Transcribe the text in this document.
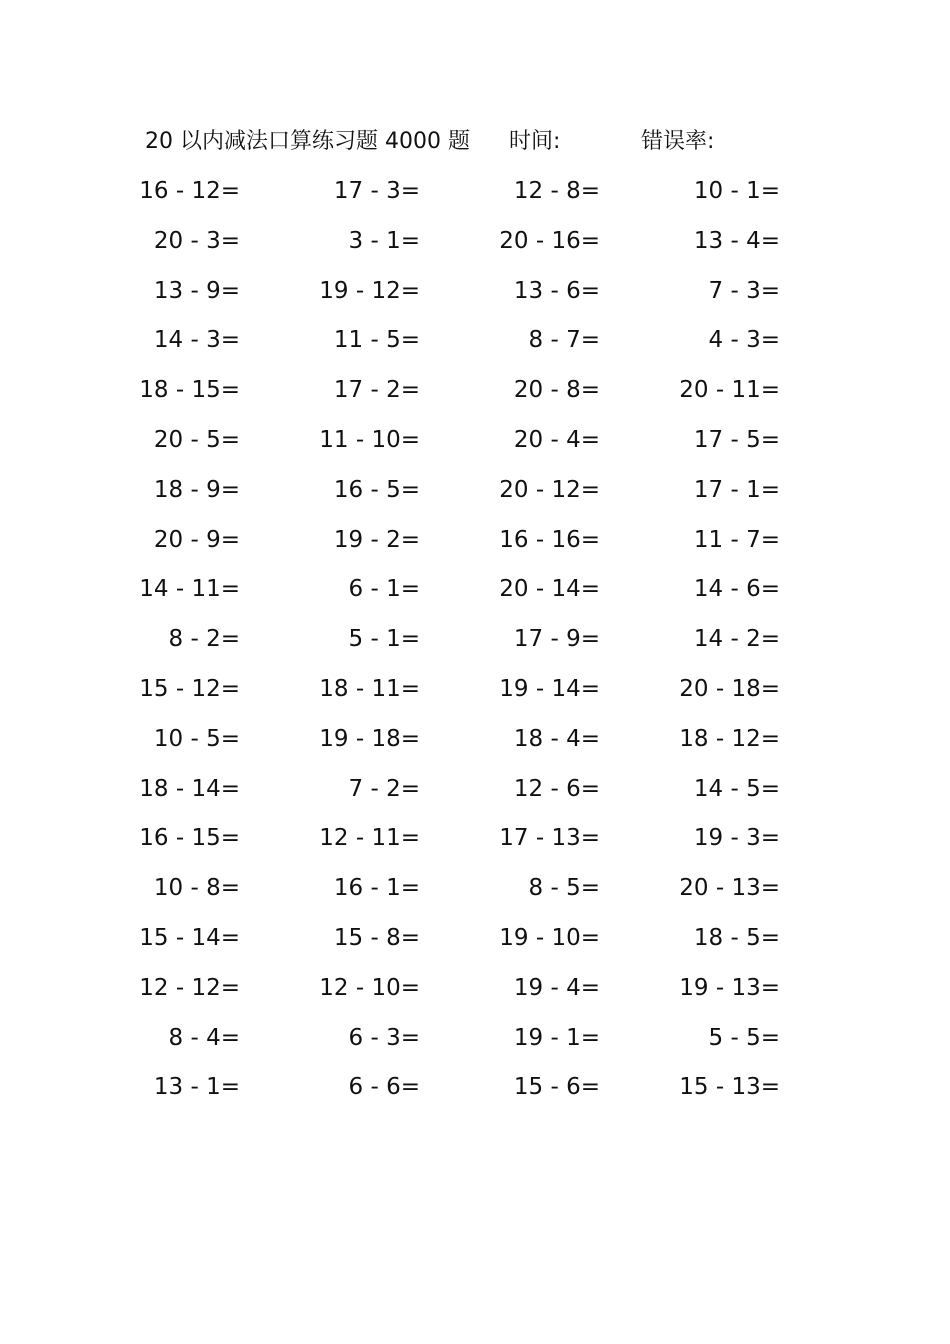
20 以内减法口算练习题 4000 题 时间:	错误率:
16 - 12=	17 - 3=	12 - 8=	10 - 1=
20 - 3=	3 - 1=	20 - 16=	13 - 4=
13 - 9=	19 - 12=	13 - 6=	7 - 3=
14 - 3=	11 - 5=	8 - 7=	4 - 3=
18 - 15=	17 - 2=	20 - 8=	20 - 11=
20 - 5=	11 - 10=	20 - 4=	17 - 5=
18 - 9=	16 - 5=	20 - 12=	17 - 1=
20 - 9=	19 - 2=	16 - 16=	11 - 7=
14 - 11=	6 - 1=	20 - 14=	14 - 6=
8 - 2=	5 - 1=	17 - 9=	14 - 2=
15 - 12=	18 - 11=	19 - 14=	20 - 18=
10 - 5=	19 - 18=	18 - 4=	18 - 12=
18 - 14=	7 - 2=	12 - 6=	14 - 5=
16 - 15=	12 - 11=	17 - 13=	19 - 3=
10 - 8=	16 - 1=	8 - 5=	20 - 13=
15 - 14=	15 - 8=	19 - 10=	18 - 5=
12 - 12=	12 - 10=	19 - 4=	19 - 13=
8 - 4=	6 - 3=	19 - 1=	5 - 5=
13 - 1=	6 - 6=	15 - 6=	15 - 13=
